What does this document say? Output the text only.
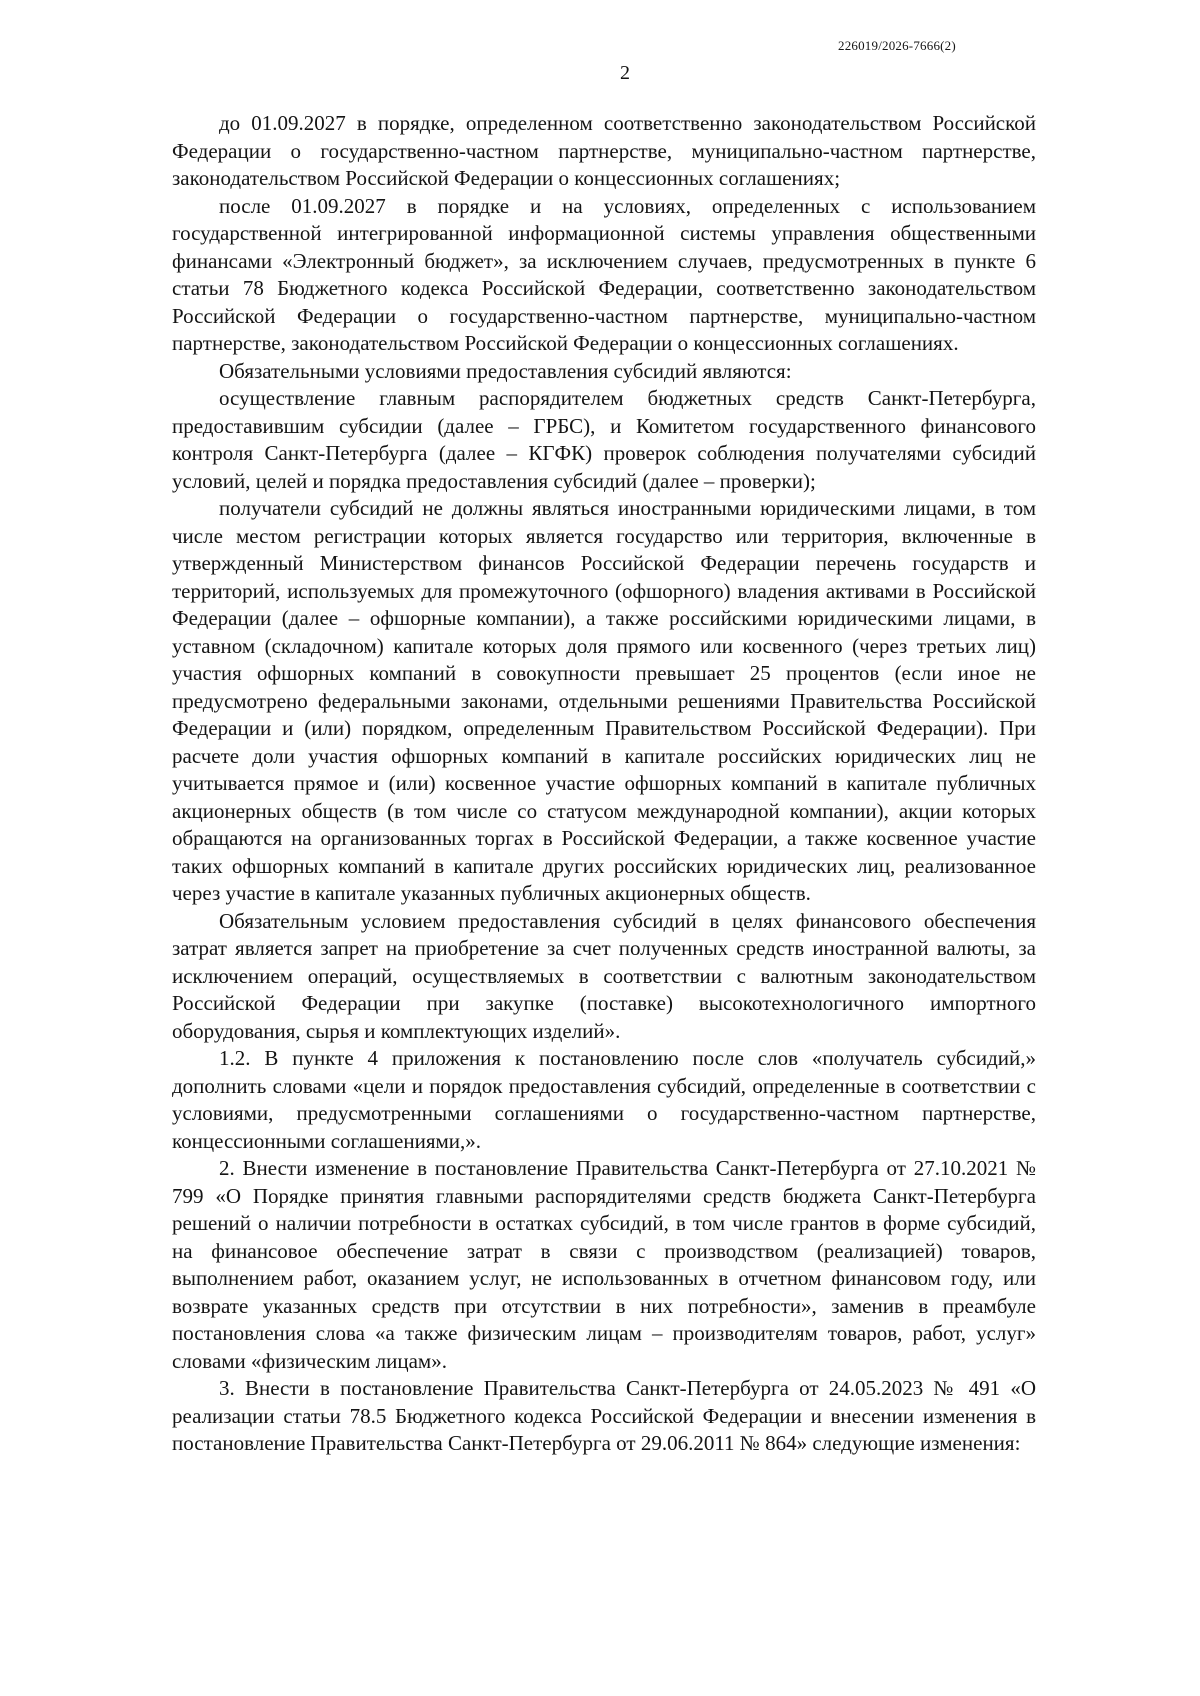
226019/2026-7666(2)
2

до 01.09.2027 в порядке, определенном соответственно законодательством Российской Федерации о государственно-частном партнерстве, муниципально-частном партнерстве, законодательством Российской Федерации о концессионных соглашениях;

после 01.09.2027 в порядке и на условиях, определенных с использованием государственной интегрированной информационной системы управления общественными финансами «Электронный бюджет», за исключением случаев, предусмотренных в пункте 6 статьи 78 Бюджетного кодекса Российской Федерации, соответственно законодательством Российской Федерации о государственно-частном партнерстве, муниципально-частном партнерстве, законодательством Российской Федерации о концессионных соглашениях.

Обязательными условиями предоставления субсидий являются:

осуществление главным распорядителем бюджетных средств Санкт-Петербурга, предоставившим субсидии (далее – ГРБС), и Комитетом государственного финансового контроля Санкт-Петербурга (далее – КГФК) проверок соблюдения получателями субсидий условий, целей и порядка предоставления субсидий (далее – проверки);

получатели субсидий не должны являться иностранными юридическими лицами, в том числе местом регистрации которых является государство или территория, включенные в утвержденный Министерством финансов Российской Федерации перечень государств и территорий, используемых для промежуточного (офшорного) владения активами в Российской Федерации (далее – офшорные компании), а также российскими юридическими лицами, в уставном (складочном) капитале которых доля прямого или косвенного (через третьих лиц) участия офшорных компаний в совокупности превышает 25 процентов (если иное не предусмотрено федеральными законами, отдельными решениями Правительства Российской Федерации и (или) порядком, определенным Правительством Российской Федерации). При расчете доли участия офшорных компаний в капитале российских юридических лиц не учитывается прямое и (или) косвенное участие офшорных компаний в капитале публичных акционерных обществ (в том числе со статусом международной компании), акции которых обращаются на организованных торгах в Российской Федерации, а также косвенное участие таких офшорных компаний в капитале других российских юридических лиц, реализованное через участие в капитале указанных публичных акционерных обществ.

Обязательным условием предоставления субсидий в целях финансового обеспечения затрат является запрет на приобретение за счет полученных средств иностранной валюты, за исключением операций, осуществляемых в соответствии с валютным законодательством Российской Федерации при закупке (поставке) высокотехнологичного импортного оборудования, сырья и комплектующих изделий».

1.2. В пункте 4 приложения к постановлению после слов «получатель субсидий,» дополнить словами «цели и порядок предоставления субсидий, определенные в соответствии с условиями, предусмотренными соглашениями о государственно-частном партнерстве, концессионными соглашениями,».

2. Внести изменение в постановление Правительства Санкт-Петербурга от 27.10.2021 № 799 «О Порядке принятия главными распорядителями средств бюджета Санкт-Петербурга решений о наличии потребности в остатках субсидий, в том числе грантов в форме субсидий, на финансовое обеспечение затрат в связи с производством (реализацией) товаров, выполнением работ, оказанием услуг, не использованных в отчетном финансовом году, или возврате указанных средств при отсутствии в них потребности», заменив в преамбуле постановления слова «а также физическим лицам – производителям товаров, работ, услуг» словами «физическим лицам».

3. Внести в постановление Правительства Санкт-Петербурга от 24.05.2023 № 491 «О реализации статьи 78.5 Бюджетного кодекса Российской Федерации и внесении изменения в постановление Правительства Санкт-Петербурга от 29.06.2011 № 864» следующие изменения:
